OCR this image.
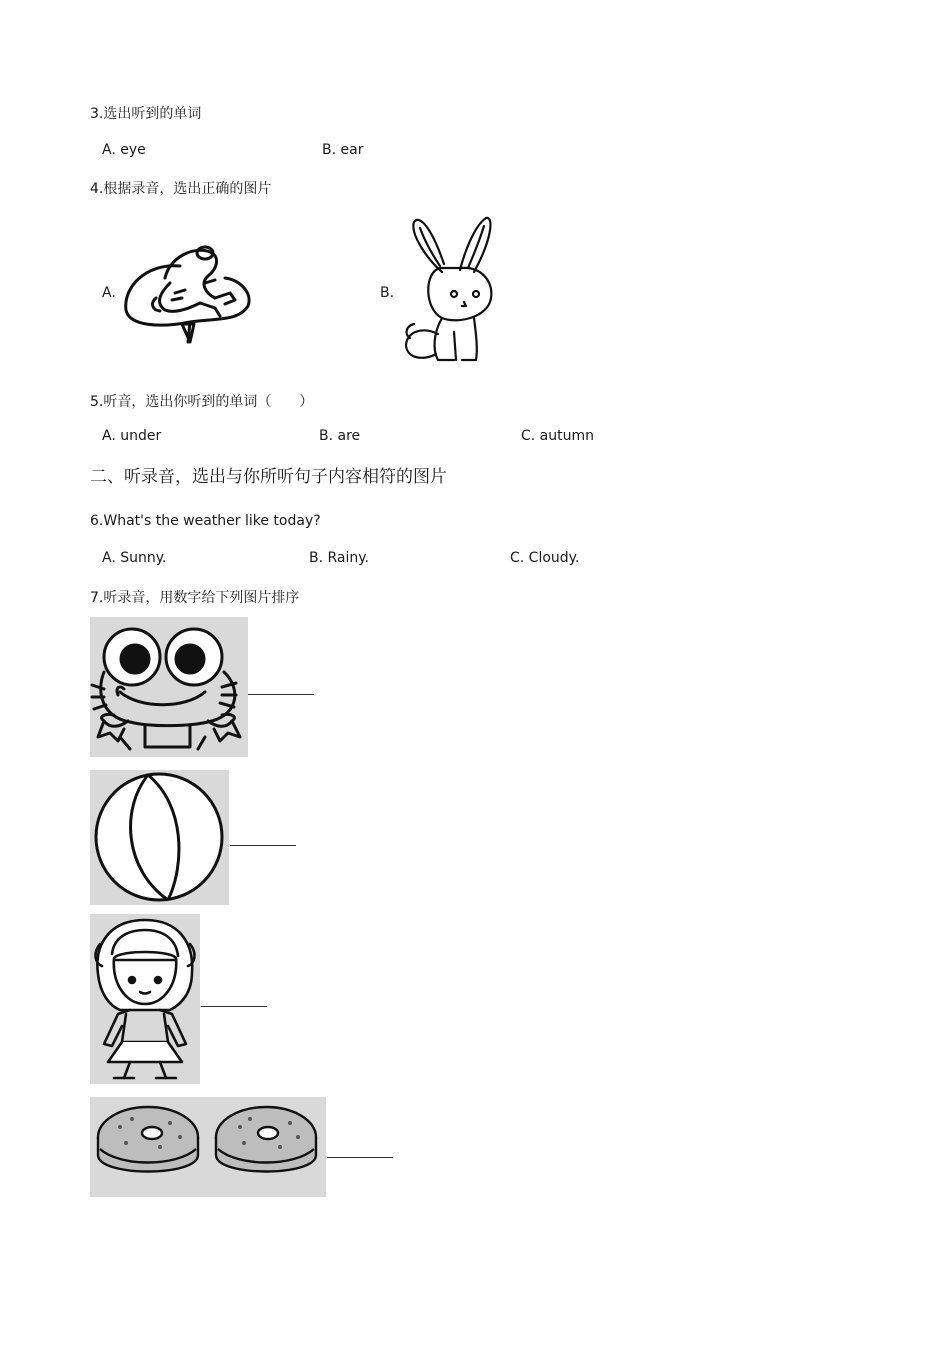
3.选出听到的单词
A. eye	B. ear
4.根据录音，选出正确的图片
A.	B.
5.听音，选出你听到的单词（　　）
A. under	B. are	C. autumn
二、听录音，选出与你所听句子内容相符的图片
6.What's the weather like today?
A. Sunny.	B. Rainy.	C. Cloudy.
7.听录音，用数字给下列图片排序
